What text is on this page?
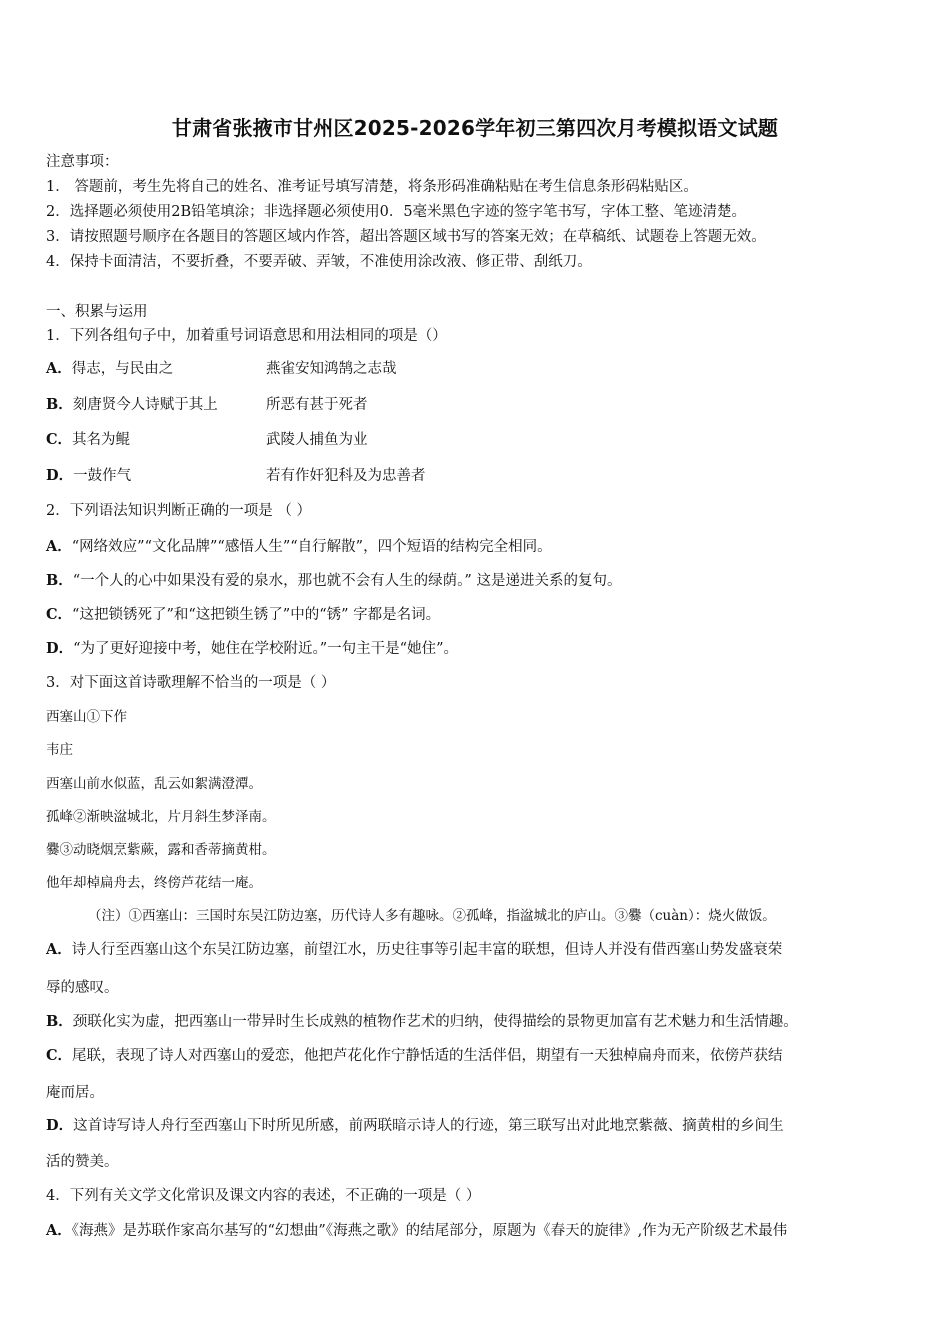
甘肃省张掖市甘州区2025-2026学年初三第四次月考模拟语文试题
注意事项：
1． 答题前，考生先将自己的姓名、准考证号填写清楚，将条形码准确粘贴在考生信息条形码粘贴区。
2．选择题必须使用2B铅笔填涂；非选择题必须使用0．5毫米黑色字迹的签字笔书写，字体工整、笔迹清楚。
3．请按照题号顺序在各题目的答题区域内作答，超出答题区域书写的答案无效；在草稿纸、试题卷上答题无效。
4．保持卡面清洁，不要折叠，不要弄破、弄皱，不准使用涂改液、修正带、刮纸刀。
一、积累与运用
1．下列各组句子中，加着重号词语意思和用法相同的项是（）
A．得志，与民由之	燕雀安知鸿鹄之志哉
B．刻唐贤今人诗赋于其上	所恶有甚于死者
C．其名为鲲	武陵人捕鱼为业
D．一鼓作气	若有作奸犯科及为忠善者
2．下列语法知识判断正确的一项是 （ ）
A．“网络效应”“文化品牌”“感悟人生”“自行解散”，四个短语的结构完全相同。
B．“一个人的心中如果没有爱的泉水，那也就不会有人生的绿荫。” 这是递进关系的复句。
C．“这把锁锈死了”和“这把锁生锈了”中的“锈” 字都是名词。
D．“为了更好迎接中考，她住在学校附近。”一句主干是“她住”。
3．对下面这首诗歌理解不恰当的一项是（ ）
西塞山①下作
韦庄
西塞山前水似蓝，乱云如絮满澄潭。
孤峰②渐映湓城北，片月斜生梦泽南。
爨③动晓烟烹紫蕨，露和香蒂摘黄柑。
他年却棹扁舟去，终傍芦花结一庵。
（注）①西塞山：三国时东吴江防边塞，历代诗人多有趣咏。②孤峰，指湓城北的庐山。③爨（cuàn）：烧火做饭。
A．诗人行至西塞山这个东吴江防边塞，前望江水，历史往事等引起丰富的联想，但诗人并没有借西塞山势发盛衰荣
辱的感叹。
B．颈联化实为虚，把西塞山一带异时生长成熟的植物作艺术的归纳，使得描绘的景物更加富有艺术魅力和生活情趣。
C．尾联，表现了诗人对西塞山的爱恋，他把芦花化作宁静恬适的生活伴侣，期望有一天独棹扁舟而来，依傍芦获结
庵而居。
D．这首诗写诗人舟行至西塞山下时所见所感，前两联暗示诗人的行迹，第三联写出对此地烹紫薇、摘黄柑的乡间生
活的赞美。
4．下列有关文学文化常识及课文内容的表述，不正确的一项是（ ）
A．《海燕》是苏联作家高尔基写的“幻想曲”《海燕之歌》的结尾部分，原题为《春天的旋律》,作为无产阶级艺术最伟
